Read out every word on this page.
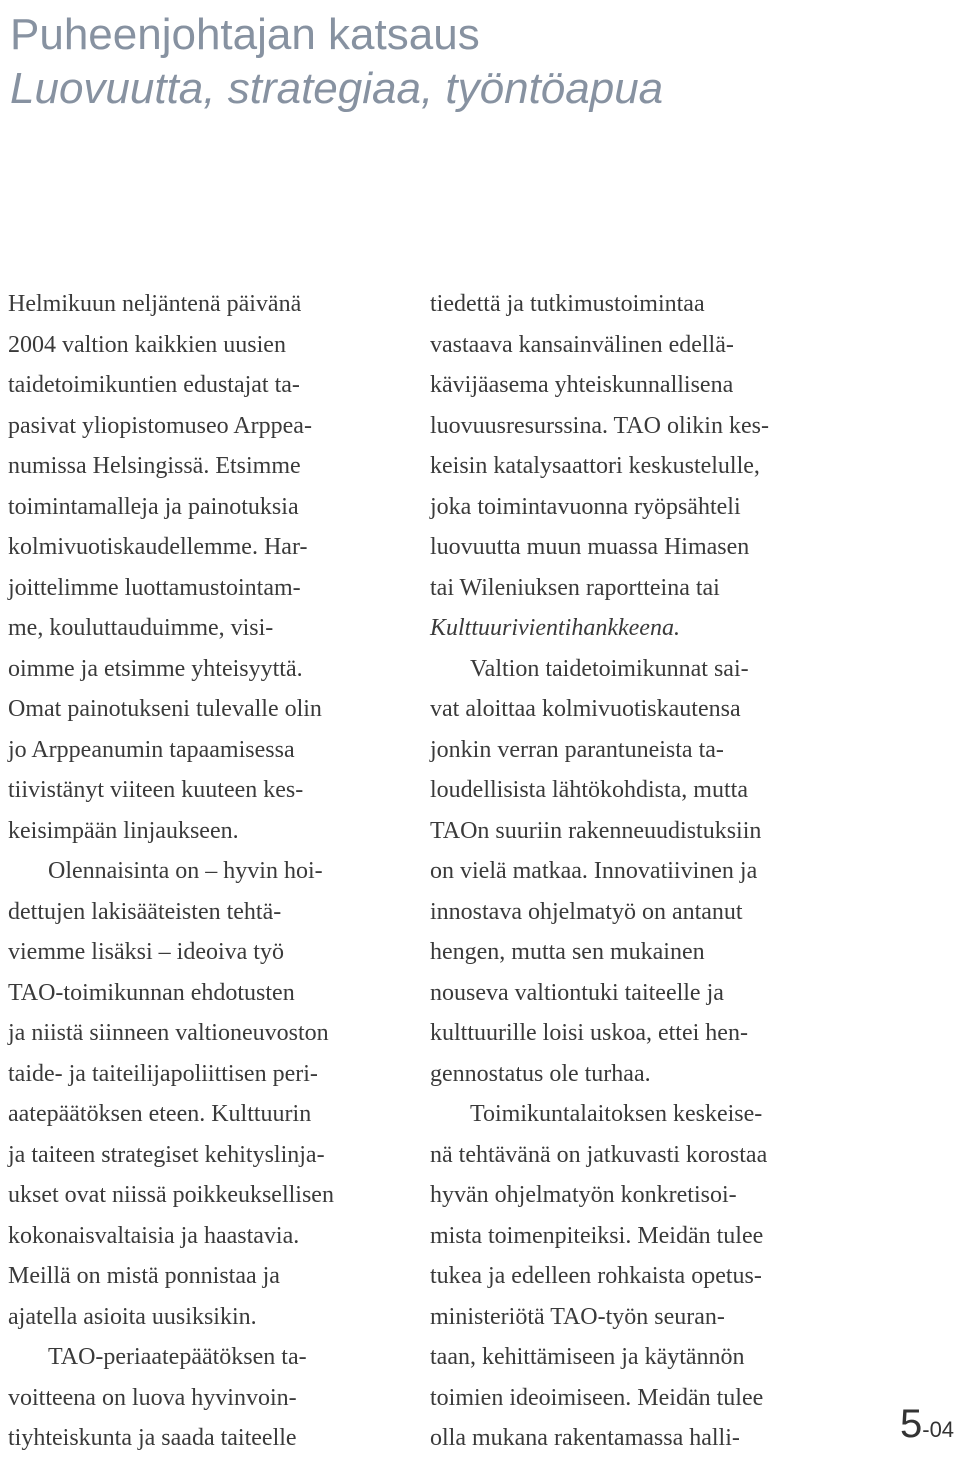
Puheenjohtajan katsaus
Luovuutta, strategiaa, työntöapua

Helmikuun neljäntenä päivänä
2004 valtion kaikkien uusien
taidetoimikuntien edustajat ta-
pasivat yliopistomuseo Arppea-
numissa Helsingissä. Etsimme
toimintamalleja ja painotuksia
kolmivuotiskaudellemme. Har-
joittelimme luottamustointam-
me, kouluttauduimme, visi-
oimme ja etsimme yhteisyyttä.
Omat painotukseni tulevalle olin
jo Arppeanumin tapaamisessa
tiivistänyt viiteen kuuteen kes-
keisimpään linjaukseen.

Olennaisinta on – hyvin hoi-
dettujen lakisääteisten tehtä-
viemme lisäksi – ideoiva työ
TAO-toimikunnan ehdotusten
ja niistä siinneen valtioneuvoston
taide- ja taiteilijapoliittisen peri-
aatepäätöksen eteen. Kulttuurin
ja taiteen strategiset kehityslinja-
ukset ovat niissä poikkeuksellisen
kokonaisvaltaisia ja haastavia.
Meillä on mistä ponnistaa ja
ajatella asioita uusiksikin.

TAO-periaatepäätöksen ta-
voitteena on luova hyvinvoin-
tiyhteiskunta ja saada taiteelle

tiedettä ja tutkimustoimintaa
vastaava kansainvälinen edellä-
kävijäasema yhteiskunnallisena
luovuusresurssina. TAO olikin kes-
keisin katalysaattori keskustelulle,
joka toimintavuonna ryöpsähteli
luovuutta muun muassa Himasen
tai Wileniuksen raportteina tai
Kulttuurivientihankkeena.

Valtion taidetoimikunnat sai-
vat aloittaa kolmivuotiskautensa
jonkin verran parantuneista ta-
loudellisista lähtökohdista, mutta
TAOn suuriin rakenneuudistuksiin
on vielä matkaa. Innovatiivinen ja
innostava ohjelmatyö on antanut
hengen, mutta sen mukainen
nouseva valtiontuki taiteelle ja
kulttuurille loisi uskoa, ettei hen-
gennostatus ole turhaa.

Toimikuntalaitoksen keskeise-
nä tehtävänä on jatkuvasti korostaa
hyvän ohjelmatyön konkretisoi-
mista toimenpiteiksi. Meidän tulee
tukea ja edelleen rohkaista opetus-
ministeriötä TAO-työn seuran-
taan, kehittämiseen ja käytännön
toimien ideoimiseen. Meidän tulee
olla mukana rakentamassa halli-	5-04
